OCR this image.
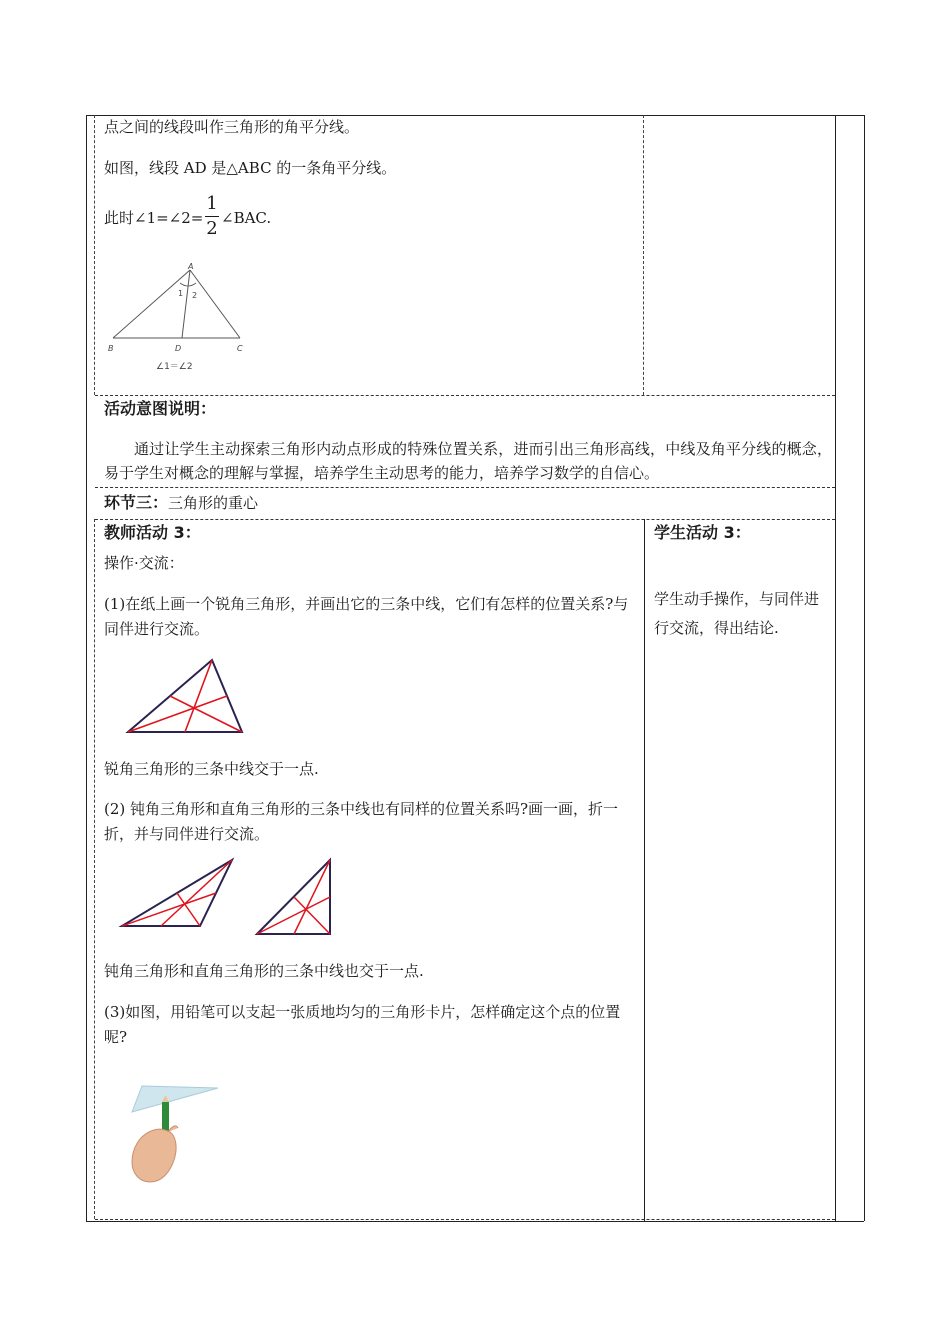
点之间的线段叫作三角形的角平分线。
如图，线段 AD 是△ABC 的一条角平分线。
此时∠1=∠2=
1
2 ∠BAC.
A
B	C
D
1 2
∠1＝∠2
活动意图说明：
通过让学生主动探索三角形内动点形成的特殊位置关系，进而引出三角形高线，中线及角平分线的概念，易于学生对概念的理解与掌握，培养学生主动思考的能力，培养学习数学的自信心。
环节三：三角形的重心
教师活动 3：
操作·交流：
(1)在纸上画一个锐角三角形，并画出它的三条中线，它们有怎样的位置关系?与同伴进行交流。
锐角三角形的三条中线交于一点.
(2) 钝角三角形和直角三角形的三条中线也有同样的位置关系吗?画一画，折一折，并与同伴进行交流。
钝角三角形和直角三角形的三条中线也交于一点.
(3)如图，用铅笔可以支起一张质地均匀的三角形卡片，怎样确定这个点的位置呢?
学生活动 3：
学生动手操作，与同伴进行交流，得出结论.
